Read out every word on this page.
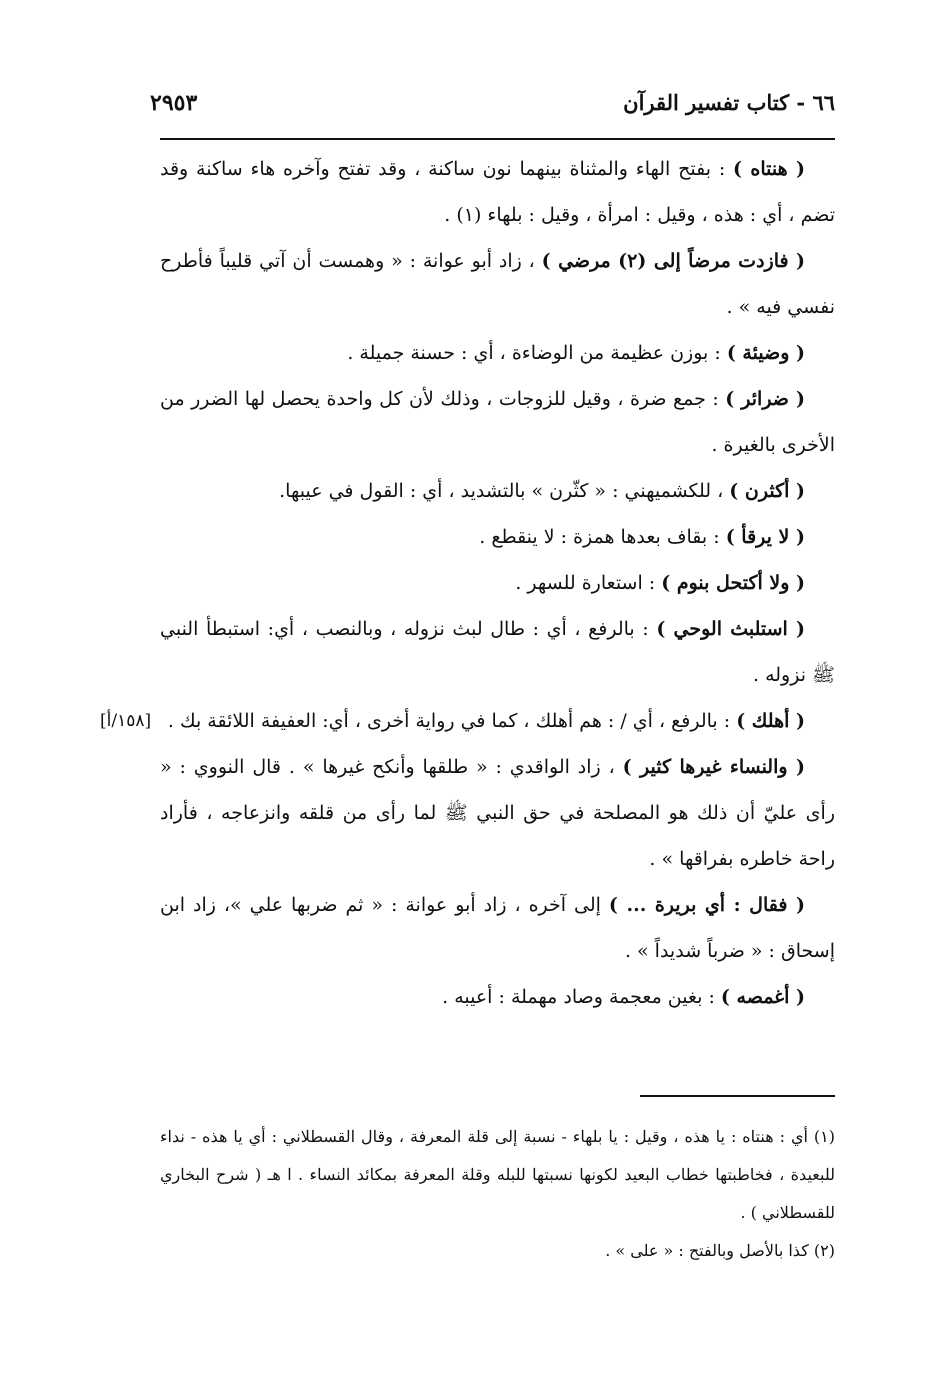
٦٦ - كتاب تفسير القرآن
٢٩٥٣

( هنتاه ) : بفتح الهاء والمثناة بينهما نون ساكنة ، وقد تفتح وآخره هاء ساكنة وقد تضم ، أي : هذه ، وقيل : امرأة ، وقيل : بلهاء (١) .

( فازدت مرضاً إلى (٢) مرضي ) ، زاد أبو عوانة : « وهمست أن آتي قليباً فأطرح نفسي فيه » .

( وضيئة ) : بوزن عظيمة من الوضاءة ، أي : حسنة جميلة .

( ضرائر ) : جمع ضرة ، وقيل للزوجات ، وذلك لأن كل واحدة يحصل لها الضرر من الأخرى بالغيرة .

( أكثرن ) ، للكشميهني : « كثّرن » بالتشديد ، أي : القول في عيبها.

( لا يرقأ ) : بقاف بعدها همزة : لا ينقطع .

( ولا أكتحل بنوم ) : استعارة للسهر .

( استلبث الوحي ) : بالرفع ، أي : طال لبث نزوله ، وبالنصب ، أي: استبطأ النبي ﷺ نزوله .

[١٥٨/أ]	( أهلك ) : بالرفع ، أي / : هم أهلك ، كما في رواية أخرى ، أي: العفيفة اللائقة بك .

( والنساء غيرها كثير ) ، زاد الواقدي : « طلقها وأنكح غيرها » . قال النووي : « رأى عليّ أن ذلك هو المصلحة في حق النبي ﷺ لما رأى من قلقه وانزعاجه ، فأراد راحة خاطره بفراقها » .

( فقال : أي بريرة ... ) إلى آخره ، زاد أبو عوانة : « ثم ضربها علي »، زاد ابن إسحاق : « ضرباً شديداً » .

( أغمصه ) : بغين معجمة وصاد مهملة : أعيبه .

(١) أي : هنتاه : يا هذه ، وقيل : يا بلهاء - نسبة إلى قلة المعرفة ، وقال القسطلاني : أي يا هذه - نداء للبعيدة ، فخاطبتها خطاب البعيد لكونها نسبتها للبله وقلة المعرفة بمكائد النساء . ا هـ ( شرح البخاري للقسطلاني ) .

(٢) كذا بالأصل وبالفتح : « على » .
